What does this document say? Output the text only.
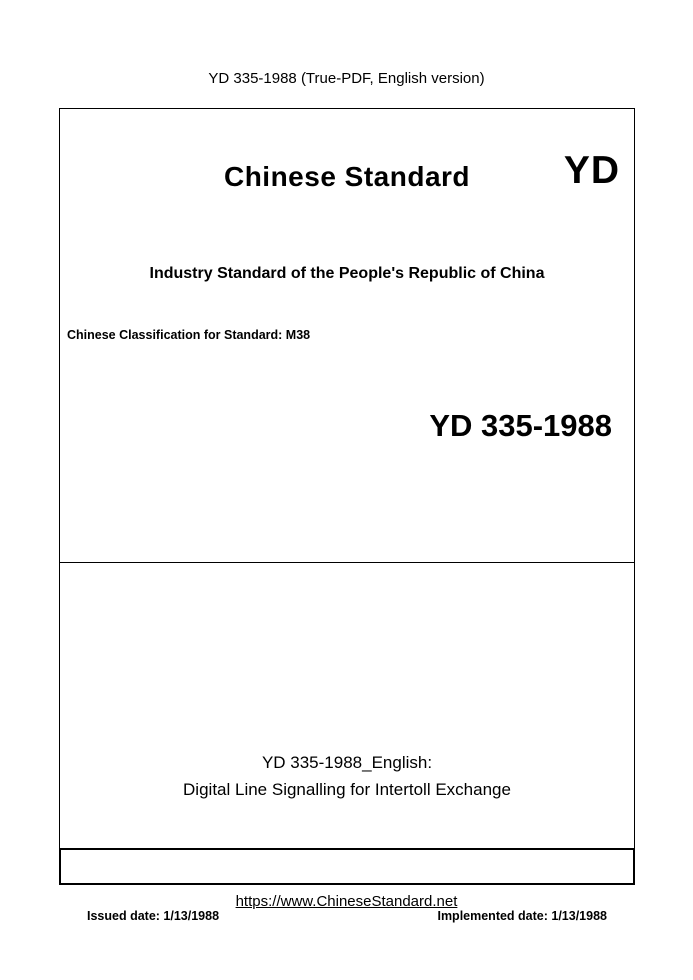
YD 335-1988 (True-PDF, English version)
Chinese Standard	YD
Industry Standard of the People's Republic of China
Chinese Classification for Standard: M38
YD 335-1988
YD 335-1988_English:
Digital Line Signalling for Intertoll Exchange
Issued date: 1/13/1988	Implemented date: 1/13/1988
https://www.ChineseStandard.net
